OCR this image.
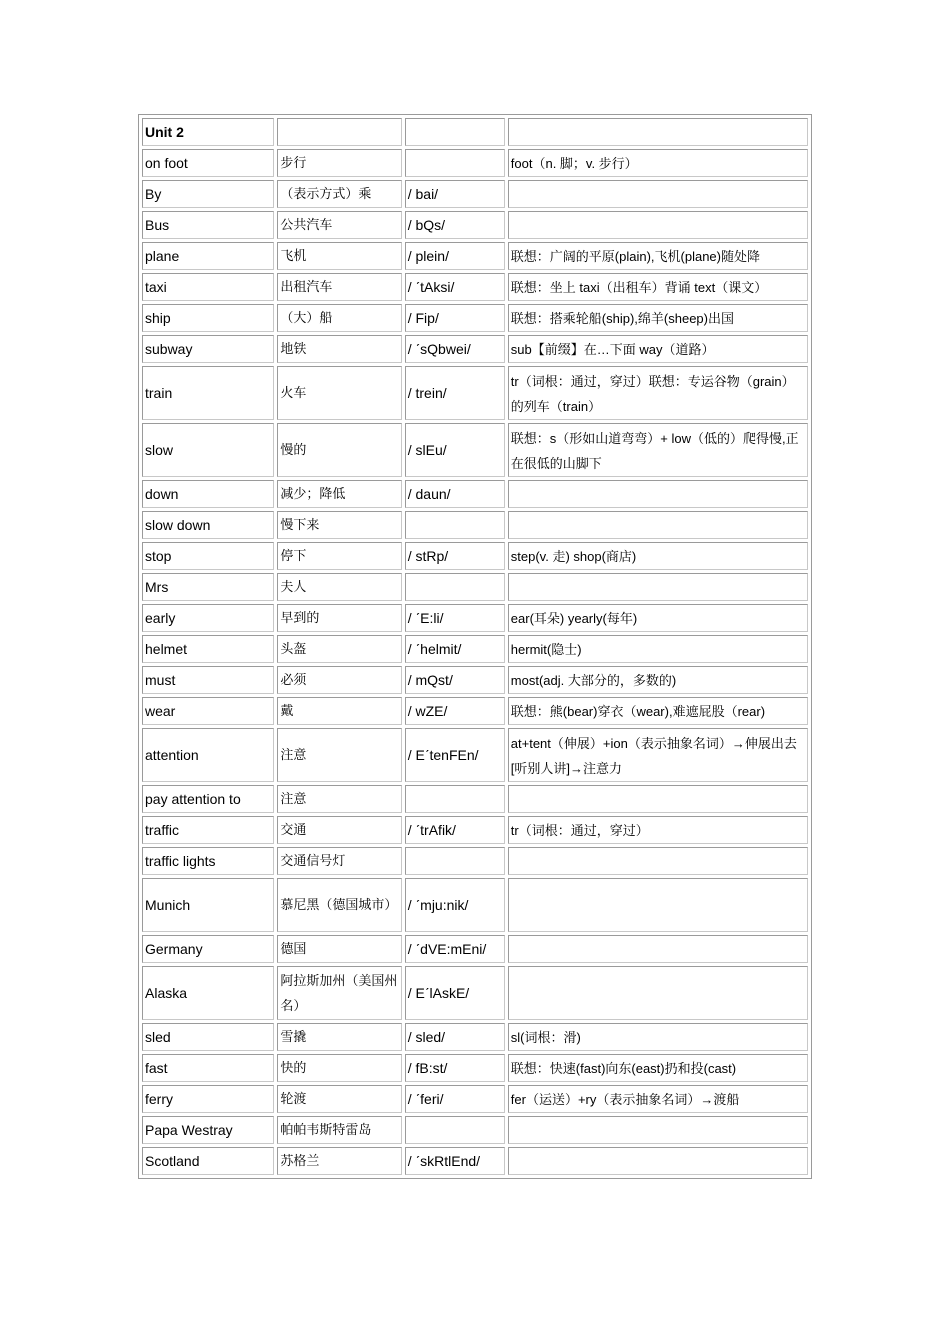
Unit 2			
on foot	步行		foot（n. 脚；v. 步行）
By	（表示方式）乘	/ bai/	
Bus	公共汽车	/ bQs/	
plane	飞机	/ plein/	联想：广阔的平原(plain),飞机(plane)随处降
taxi	出租汽车	/ ˊtAksi/	联想：坐上 taxi（出租车）背诵 text（课文）
ship	（大）船	/ Fip/	联想：搭乘轮船(ship),绵羊(sheep)出国
subway	地铁	/ ˊsQbwei/	sub【前缀】在…下面 way（道路）
train	火车	/ trein/	tr（词根：通过，穿过）联想：专运谷物（grain）的列车（train）
slow	慢的	/ slEu/	联想：s（形如山道弯弯）+ low（低的）爬得慢,正在很低的山脚下
down	减少；降低	/ daun/	
slow down	慢下来		
stop	停下	/ stRp/	step(v. 走) shop(商店)
Mrs	夫人		
early	早到的	/ ˊE:li/	ear(耳朵) yearly(每年)
helmet	头盔	/ ˊhelmit/	hermit(隐士)
must	必须	/ mQst/	most(adj. 大部分的，多数的)
wear	戴	/ wZE/	联想：熊(bear)穿衣（wear),难遮屁股（rear)
attention	注意	/ EˊtenFEn/	at+tent（伸展）+ion（表示抽象名词）→伸展出去[听别人讲]→注意力
pay attention to	注意		
traffic	交通	/ ˊtrAfik/	tr（词根：通过，穿过）
traffic lights	交通信号灯		
Munich	慕尼黑（德国城市）	/ ˊmju:nik/	
Germany	德国	/ ˊdVE:mEni/	
Alaska	阿拉斯加州（美国州名）	/ EˊlAskE/	
sled	雪撬	/ sled/	sl(词根：滑)
fast	快的	/ fB:st/	联想：快速(fast)向东(east)扔和投(cast)
ferry	轮渡	/ ˊferi/	fer（运送）+ry（表示抽象名词）→渡船
Papa Westray	帕帕韦斯特雷岛		
Scotland	苏格兰	/ ˊskRtlEnd/	
